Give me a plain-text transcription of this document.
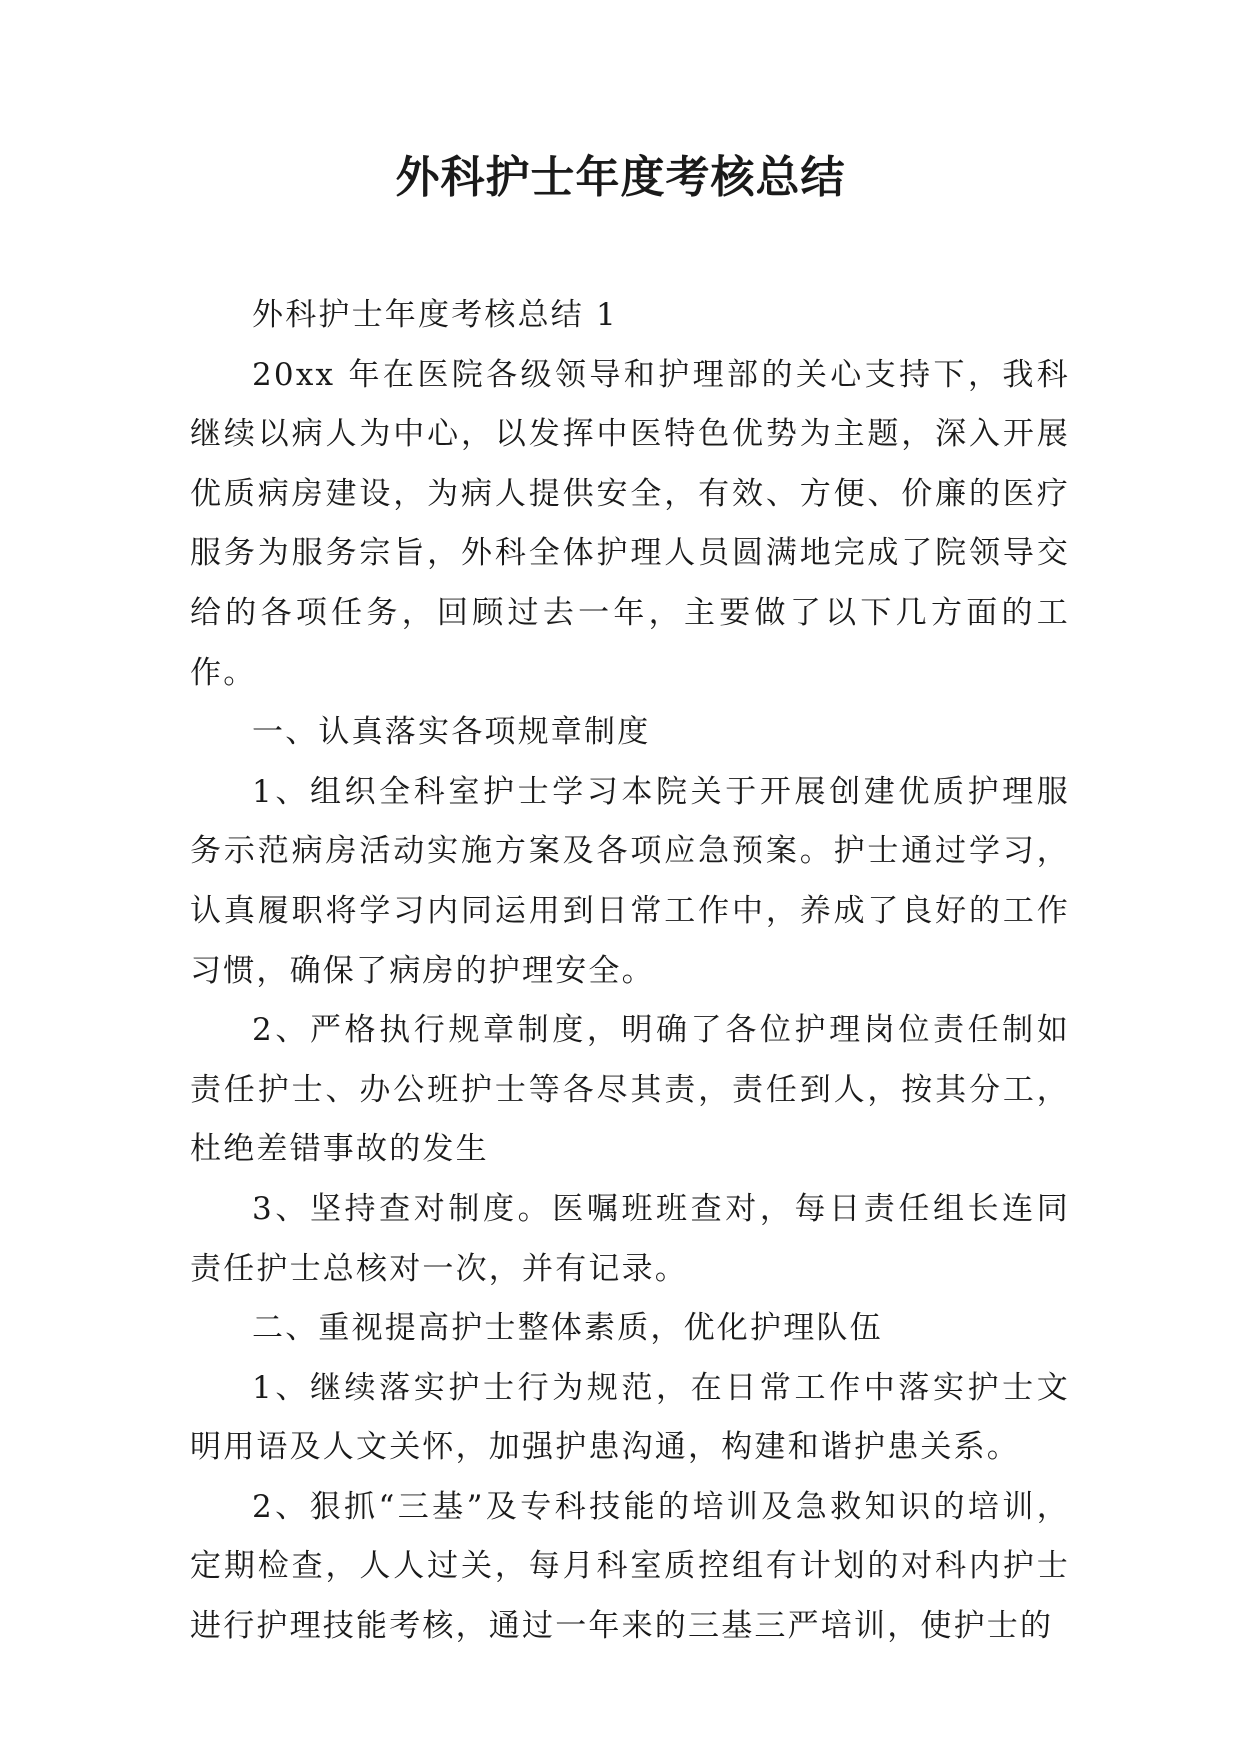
外科护士年度考核总结

外科护士年度考核总结 1

20xx 年在医院各级领导和护理部的关心支持下，我科继续以病人为中心，以发挥中医特色优势为主题，深入开展优质病房建设，为病人提供安全，有效、方便、价廉的医疗服务为服务宗旨，外科全体护理人员圆满地完成了院领导交给的各项任务，回顾过去一年，主要做了以下几方面的工作。

一、认真落实各项规章制度

1、组织全科室护士学习本院关于开展创建优质护理服务示范病房活动实施方案及各项应急预案。护士通过学习，认真履职将学习内同运用到日常工作中，养成了良好的工作习惯，确保了病房的护理安全。

2、严格执行规章制度，明确了各位护理岗位责任制如责任护士、办公班护士等各尽其责，责任到人，按其分工，杜绝差错事故的发生

3、坚持查对制度。医嘱班班查对，每日责任组长连同责任护士总核对一次，并有记录。

二、重视提高护士整体素质，优化护理队伍

1、继续落实护士行为规范，在日常工作中落实护士文明用语及人文关怀，加强护患沟通，构建和谐护患关系。

2、狠抓“三基”及专科技能的培训及急救知识的培训，定期检查，人人过关，每月科室质控组有计划的对科内护士进行护理技能考核，通过一年来的三基三严培训，使护士的
